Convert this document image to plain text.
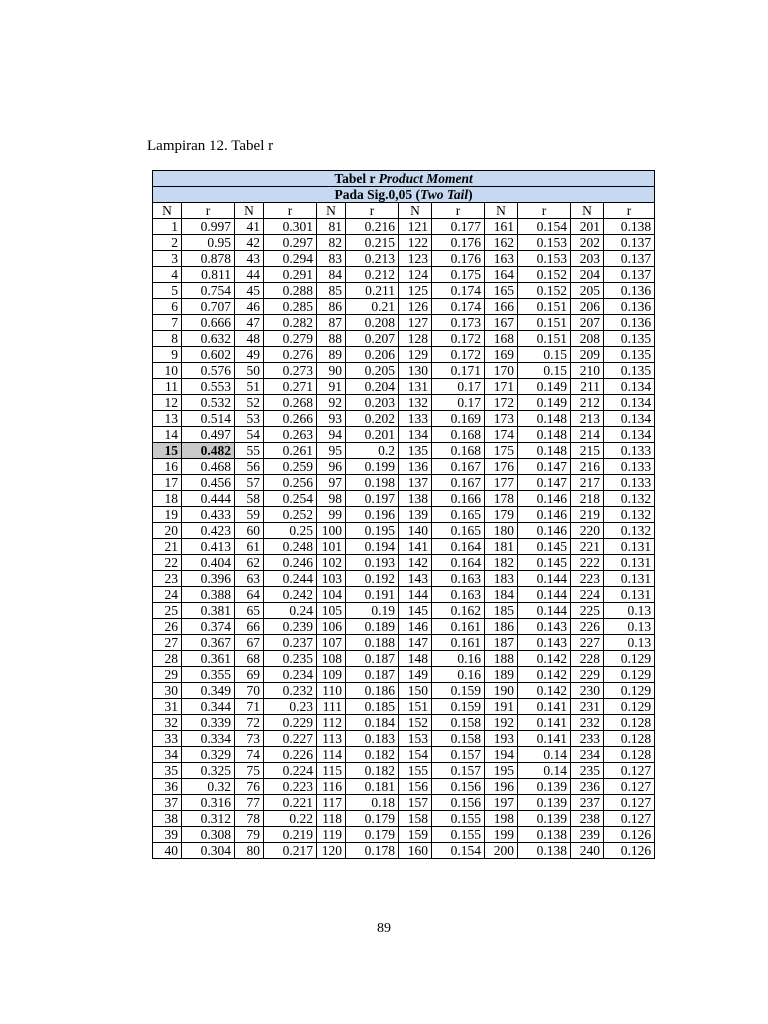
Lampiran 12. Tabel r
Tabel r Product Moment											
Pada Sig.0,05 (Two Tail)											
N	r	N	r	N	r	N	r	N	r	N	r
1	0.997	41	0.301	81	0.216	121	0.177	161	0.154	201	0.138
2	0.95	42	0.297	82	0.215	122	0.176	162	0.153	202	0.137
3	0.878	43	0.294	83	0.213	123	0.176	163	0.153	203	0.137
4	0.811	44	0.291	84	0.212	124	0.175	164	0.152	204	0.137
5	0.754	45	0.288	85	0.211	125	0.174	165	0.152	205	0.136
6	0.707	46	0.285	86	0.21	126	0.174	166	0.151	206	0.136
7	0.666	47	0.282	87	0.208	127	0.173	167	0.151	207	0.136
8	0.632	48	0.279	88	0.207	128	0.172	168	0.151	208	0.135
9	0.602	49	0.276	89	0.206	129	0.172	169	0.15	209	0.135
10	0.576	50	0.273	90	0.205	130	0.171	170	0.15	210	0.135
11	0.553	51	0.271	91	0.204	131	0.17	171	0.149	211	0.134
12	0.532	52	0.268	92	0.203	132	0.17	172	0.149	212	0.134
13	0.514	53	0.266	93	0.202	133	0.169	173	0.148	213	0.134
14	0.497	54	0.263	94	0.201	134	0.168	174	0.148	214	0.134
15	0.482	55	0.261	95	0.2	135	0.168	175	0.148	215	0.133
16	0.468	56	0.259	96	0.199	136	0.167	176	0.147	216	0.133
17	0.456	57	0.256	97	0.198	137	0.167	177	0.147	217	0.133
18	0.444	58	0.254	98	0.197	138	0.166	178	0.146	218	0.132
19	0.433	59	0.252	99	0.196	139	0.165	179	0.146	219	0.132
20	0.423	60	0.25	100	0.195	140	0.165	180	0.146	220	0.132
21	0.413	61	0.248	101	0.194	141	0.164	181	0.145	221	0.131
22	0.404	62	0.246	102	0.193	142	0.164	182	0.145	222	0.131
23	0.396	63	0.244	103	0.192	143	0.163	183	0.144	223	0.131
24	0.388	64	0.242	104	0.191	144	0.163	184	0.144	224	0.131
25	0.381	65	0.24	105	0.19	145	0.162	185	0.144	225	0.13
26	0.374	66	0.239	106	0.189	146	0.161	186	0.143	226	0.13
27	0.367	67	0.237	107	0.188	147	0.161	187	0.143	227	0.13
28	0.361	68	0.235	108	0.187	148	0.16	188	0.142	228	0.129
29	0.355	69	0.234	109	0.187	149	0.16	189	0.142	229	0.129
30	0.349	70	0.232	110	0.186	150	0.159	190	0.142	230	0.129
31	0.344	71	0.23	111	0.185	151	0.159	191	0.141	231	0.129
32	0.339	72	0.229	112	0.184	152	0.158	192	0.141	232	0.128
33	0.334	73	0.227	113	0.183	153	0.158	193	0.141	233	0.128
34	0.329	74	0.226	114	0.182	154	0.157	194	0.14	234	0.128
35	0.325	75	0.224	115	0.182	155	0.157	195	0.14	235	0.127
36	0.32	76	0.223	116	0.181	156	0.156	196	0.139	236	0.127
37	0.316	77	0.221	117	0.18	157	0.156	197	0.139	237	0.127
38	0.312	78	0.22	118	0.179	158	0.155	198	0.139	238	0.127
39	0.308	79	0.219	119	0.179	159	0.155	199	0.138	239	0.126
40	0.304	80	0.217	120	0.178	160	0.154	200	0.138	240	0.126
89
